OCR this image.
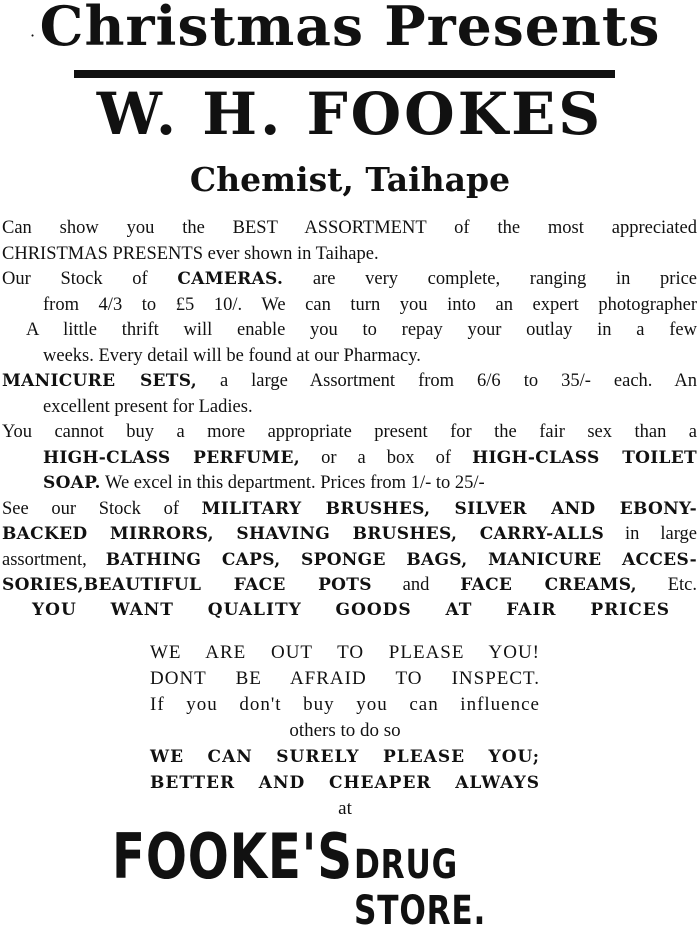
· Christmas Presents
W. H. FOOKES
Chemist, Taihape

Can show you the BEST ASSORTMENT of the most appreciated
CHRISTMAS PRESENTS ever shown in Taihape.

Our Stock of CAMERAS. are very complete, ranging in price
from 4/3 to £5 10/. We can turn you into an expert photographer
A little thrift will enable you to repay your outlay in a few
weeks. Every detail will be found at our Pharmacy.

MANICURE SETS, a large Assortment from 6/6 to 35/- each. An
excellent present for Ladies.

You cannot buy a more appropriate present for the fair sex than a
HIGH-CLASS PERFUME, or a box of HIGH-CLASS TOILET
SOAP. We excel in this department. Prices from 1/- to 25/-

See our Stock of MILITARY BRUSHES, SILVER AND EBONY-
BACKED MIRRORS, SHAVING BRUSHES, CARRY-ALLS in large
assortment, BATHING CAPS, SPONGE BAGS, MANICURE ACCES-
SORIES,BEAUTIFUL FACE POTS and FACE CREAMS, Etc.

YOU WANT QUALITY GOODS AT FAIR PRICES
WE ARE OUT TO PLEASE YOU!
DONT BE AFRAID TO INSPECT.
If you don't buy you can influence
others to do so
WE CAN SURELY PLEASE YOU;
BETTER AND CHEAPER ALWAYS
at
FOOKE'S DRUG STORE.
